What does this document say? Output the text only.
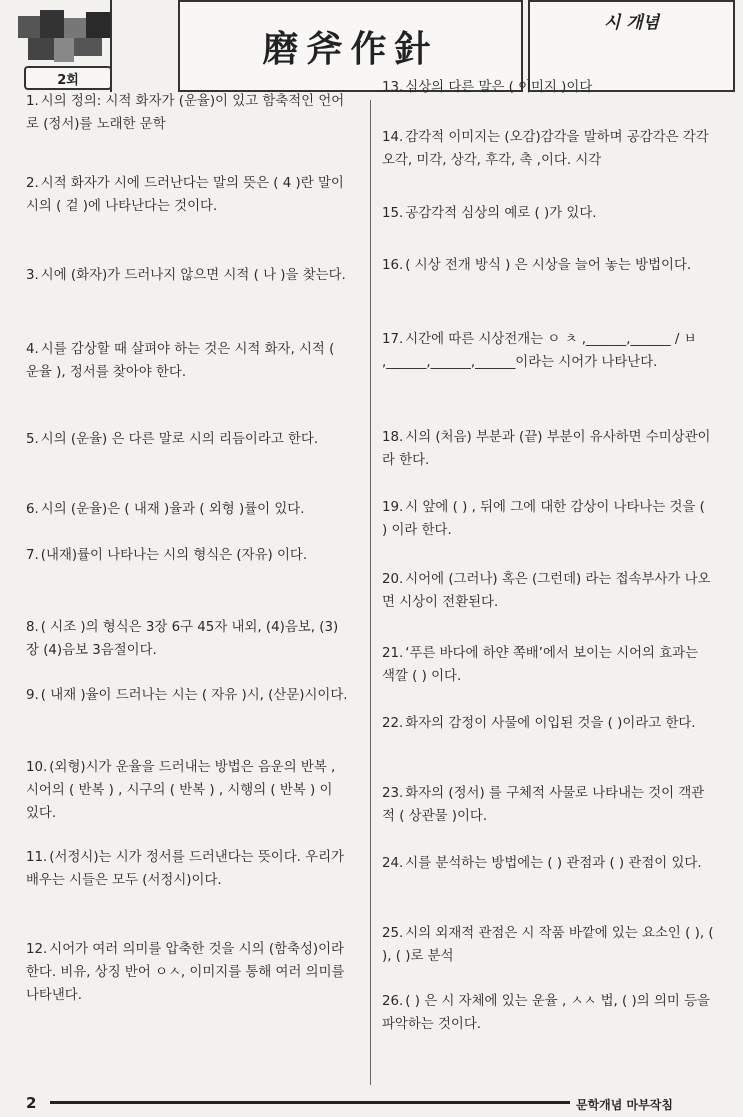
磨斧作針
시 개념
2회
1. 시의 정의: 시적 화자가 (운율)이 있고 함축적인 언어로 (정서)를 노래한 문학
2. 시적 화자가 시에 드러난다는 말의 뜻은 ( 4 )란 말이 시의 ( 겉 )에 나타난다는 것이다.
3. 시에 (화자)가 드러나지 않으면 시적 ( 나 )을 찾는다.
4. 시를 감상할 때 살펴야 하는 것은 시적 화자, 시적 ( 운율 ), 정서를 찾아야 한다.
5. 시의 (운율) 은 다른 말로 시의 리듬이라고 한다.
6. 시의 (운율)은 ( 내재 )율과 ( 외형 )률이 있다.
7. (내재)률이 나타나는 시의 형식은 (자유) 이다.
8. ( 시조 )의 형식은 3장 6구 45자 내외, (4)음보, (3) 장 (4)음보 3음절이다.
9. ( 내재 )율이 드러나는 시는 ( 자유 )시, (산문)시이다.
10. (외형)시가 운율을 드러내는 방법은 음운의 반복 , 시어의 ( 반복 ) , 시구의 ( 반복 ) , 시행의 ( 반복 ) 이 있다.
11. (서정시)는 시가 정서를 드러낸다는 뜻이다. 우리가 배우는 시들은 모두 (서정시)이다.
12. 시어가 여러 의미를 압축한 것을 시의 (함축성)이라 한다. 비유, 상징 반어 ㅇㅅ, 이미지를 통해 여러 의미를 나타낸다.
13. 심상의 다른 말은 ( 이미지 )이다
14. 감각적 이미지는 (오감)감각을 말하며 공감각은 각각 오각, 미각, 상각, 후각, 촉 ,이다. 시각
15. 공감각적 심상의 예로 ( )가 있다.
16. ( 시상 전개 방식 ) 은 시상을 늘어 놓는 방법이다.
17. 시간에 따른 시상전개는 ㅇ ㅊ ,______,______ / ㅂ ,______,______,______이라는 시어가 나타난다.
18. 시의 (처음) 부분과 (끝) 부분이 유사하면 수미상관이라 한다.
19. 시 앞에 ( ) , 뒤에 그에 대한 감상이 나타나는 것을 ( ) 이라 한다.
20. 시어에 (그러나) 혹은 (그런데) 라는 접속부사가 나오면 시상이 전환된다.
21. ‘푸른 바다에 하얀 쪽배’에서 보이는 시어의 효과는 색깔 ( ) 이다.
22. 화자의 감정이 사물에 이입된 것을 ( )이라고 한다.
23. 화자의 (정서) 를 구체적 사물로 나타내는 것이 객관적 ( 상관물 )이다.
24. 시를 분석하는 방법에는 ( ) 관점과 ( ) 관점이 있다.
25. 시의 외재적 관점은 시 작품 바깥에 있는 요소인 ( ), ( ), ( )로 분석
26. ( ) 은 시 자체에 있는 운율 , ㅅㅅ 법, ( )의 의미 등을 파악하는 것이다.
2	문학개념 마부작침
